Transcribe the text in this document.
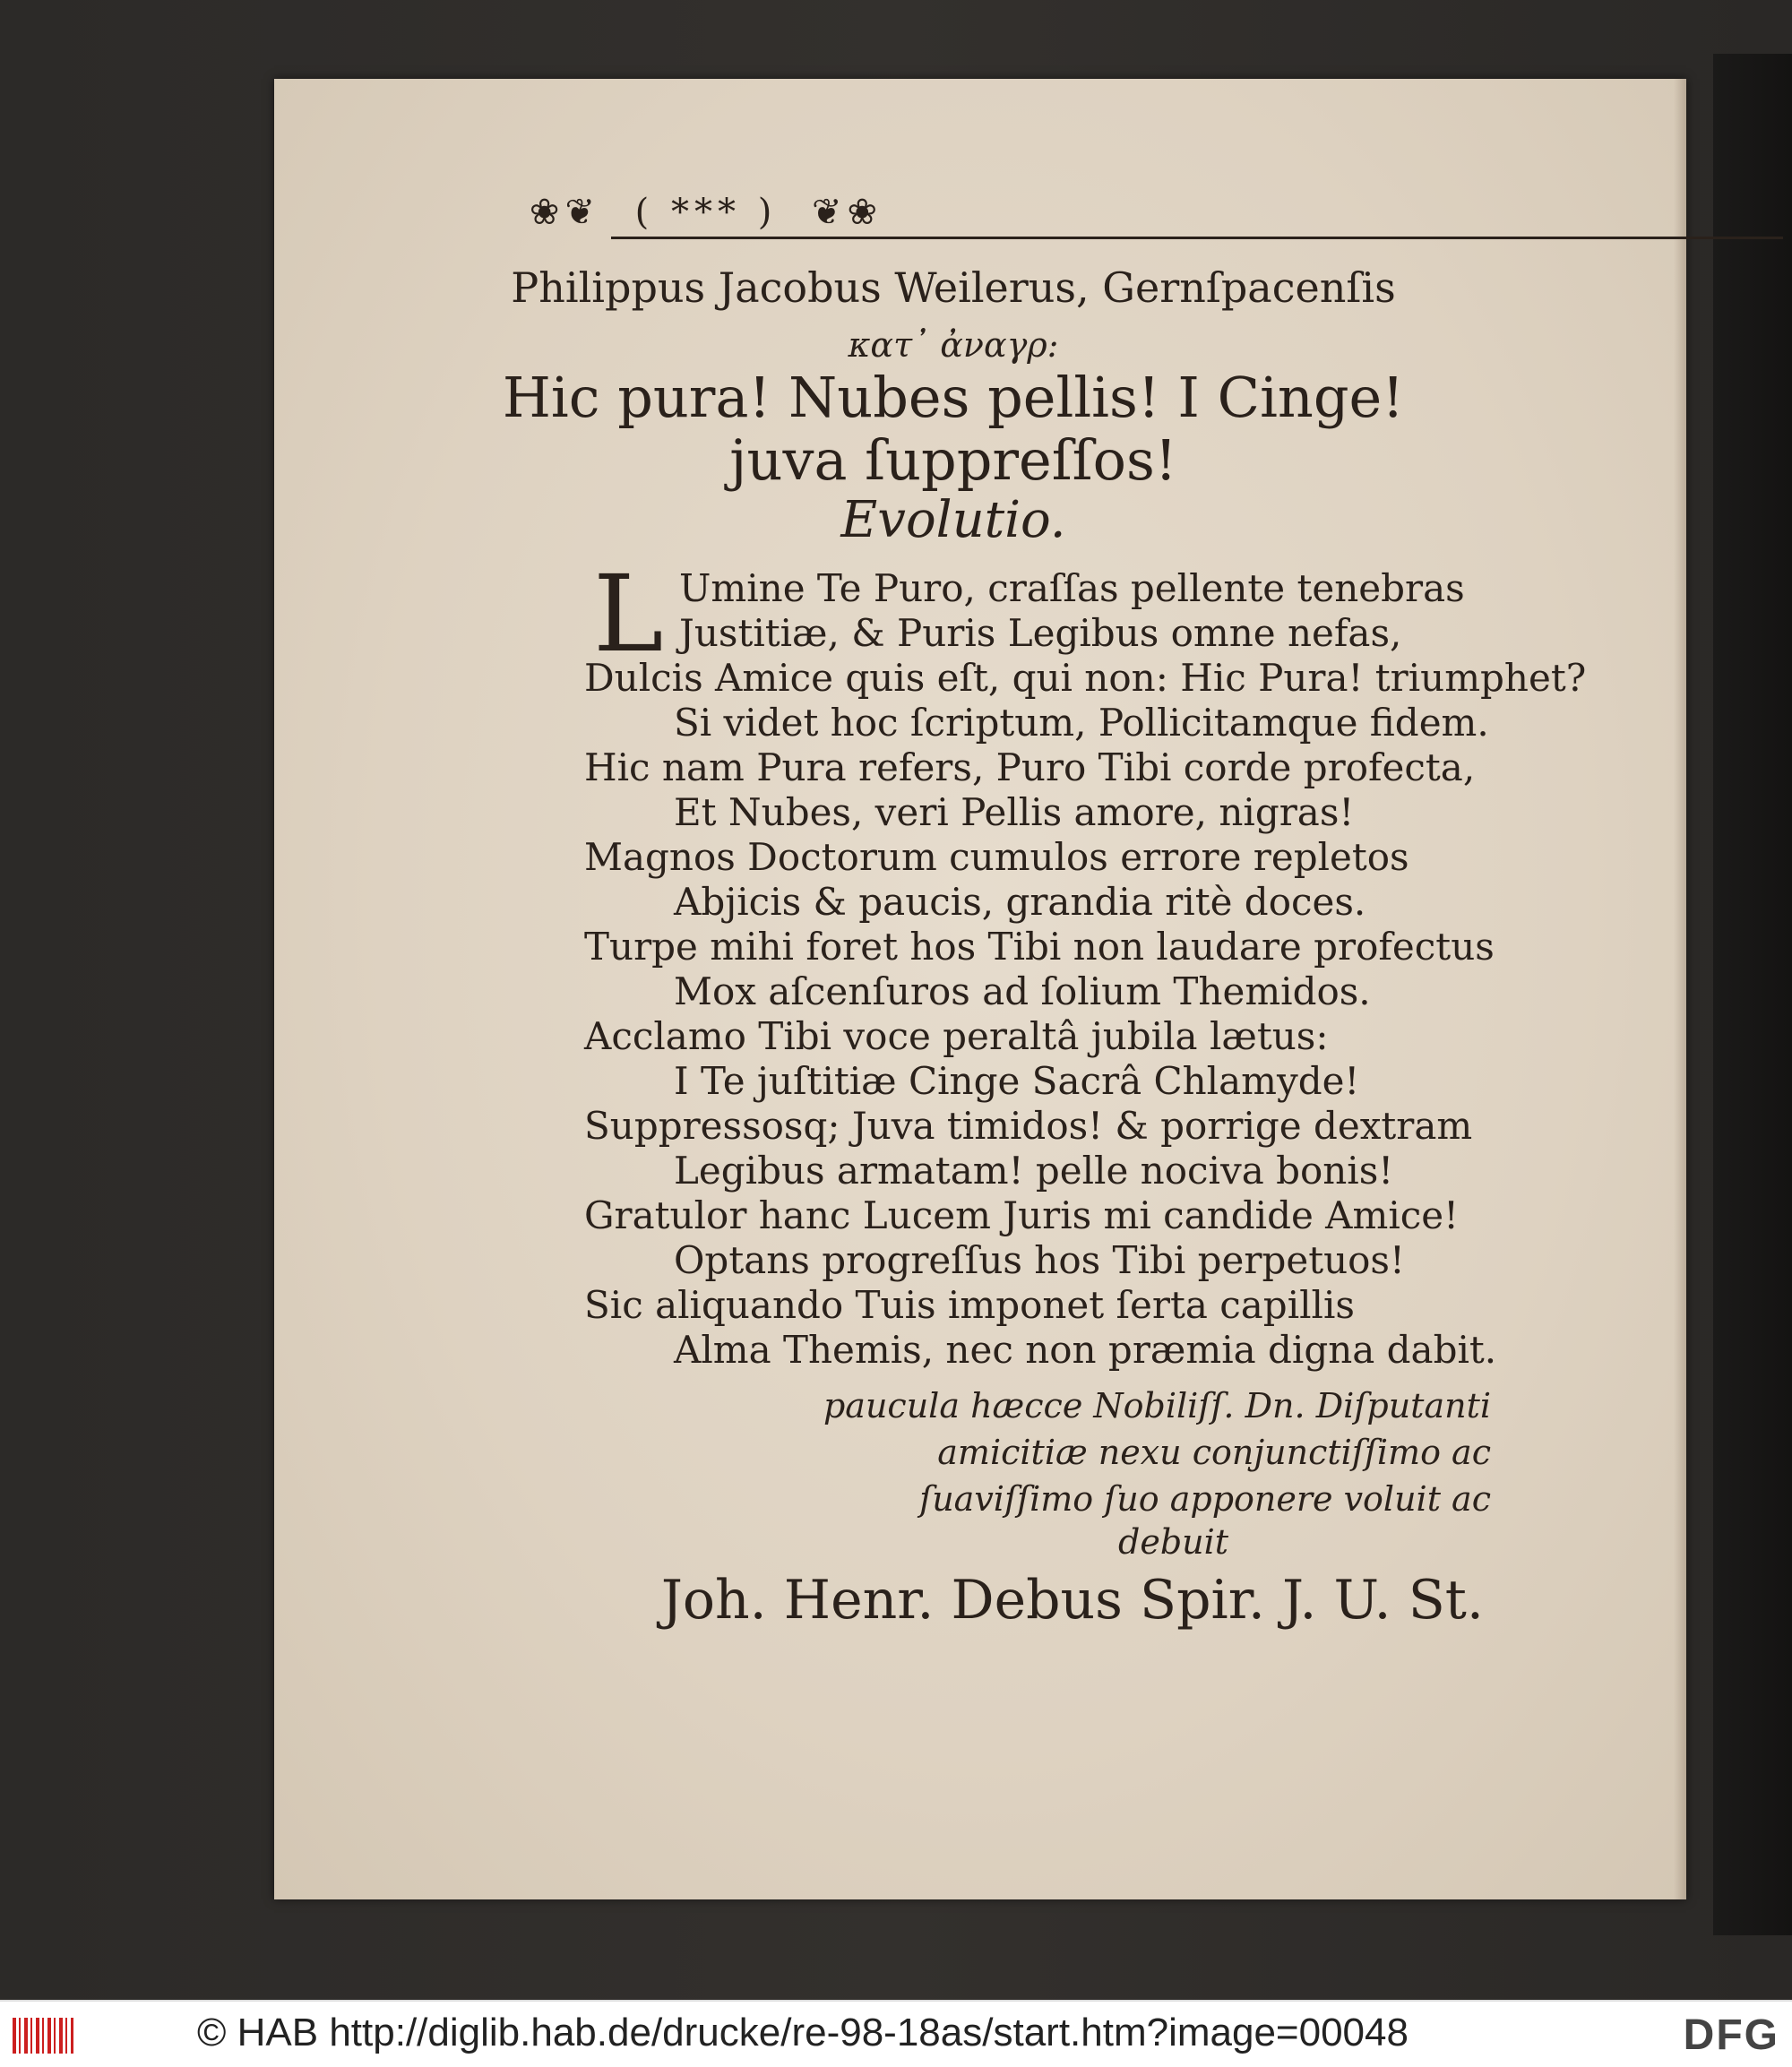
❀❦ ( *** ) ❦❀
Philippus Jacobus Weilerus, Gernſpacenſis
κατ᾽ ἀναγρ:
Hic pura! Nubes pellis! I Cinge!
juva ſuppreſſos!
Evolutio.
L Umine Te Puro, craſſas pellente tenebras
Justitiæ, & Puris Legibus omne nefas,
Dulcis Amice quis eſt, qui non: Hic Pura! triumphet?
Si videt hoc ſcriptum, Pollicitamque fidem.
Hic nam Pura refers, Puro Tibi corde profecta,
Et Nubes, veri Pellis amore, nigras!
Magnos Doctorum cumulos errore repletos
Abjicis & paucis, grandia ritè doces.
Turpe mihi foret hos Tibi non laudare profectus
Mox aſcenſuros ad ſolium Themidos.
Acclamo Tibi voce peraltâ jubila lætus:
I Te juſtitiæ Cinge Sacrâ Chlamyde!
Suppressosq; Juva timidos! & porrige dextram
Legibus armatam! pelle nociva bonis!
Gratulor hanc Lucem Juris mi candide Amice!
Optans progreſſus hos Tibi perpetuos!
Sic aliquando Tuis imponet ſerta capillis
Alma Themis, nec non præmia digna dabit.
paucula hæcce Nobiliſſ. Dn. Diſputanti
amicitiæ nexu conjunctiſſimo ac
ſuaviſſimo ſuo apponere voluit ac
debuit
Joh. Henr. Debus Spir. J. U. St.
© HAB http://diglib.hab.de/drucke/re-98-18as/start.htm?image=00048	DFG
